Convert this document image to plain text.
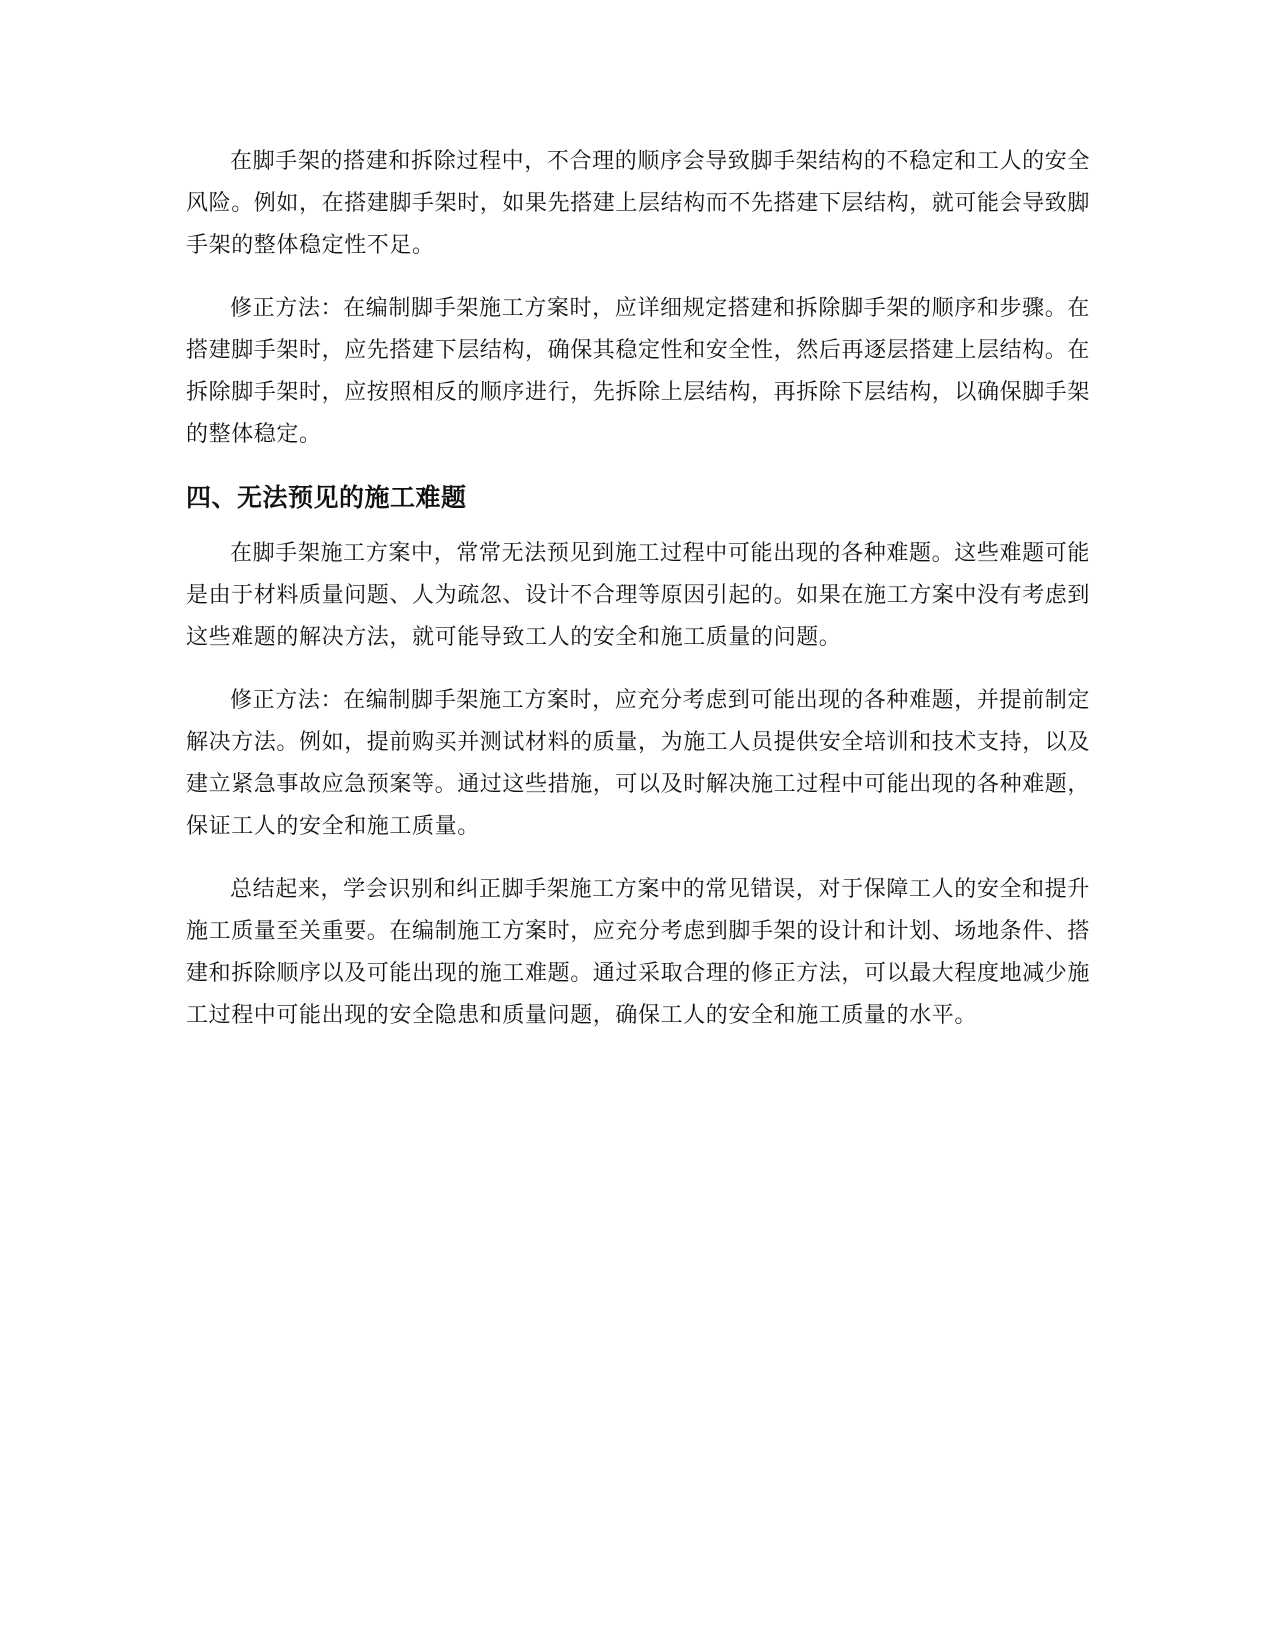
在脚手架的搭建和拆除过程中，不合理的顺序会导致脚手架结构的不稳定和工人的安全风险。例如，在搭建脚手架时，如果先搭建上层结构而不先搭建下层结构，就可能会导致脚手架的整体稳定性不足。

修正方法：在编制脚手架施工方案时，应详细规定搭建和拆除脚手架的顺序和步骤。在搭建脚手架时，应先搭建下层结构，确保其稳定性和安全性，然后再逐层搭建上层结构。在拆除脚手架时，应按照相反的顺序进行，先拆除上层结构，再拆除下层结构，以确保脚手架的整体稳定。

四、无法预见的施工难题

在脚手架施工方案中，常常无法预见到施工过程中可能出现的各种难题。这些难题可能是由于材料质量问题、人为疏忽、设计不合理等原因引起的。如果在施工方案中没有考虑到这些难题的解决方法，就可能导致工人的安全和施工质量的问题。

修正方法：在编制脚手架施工方案时，应充分考虑到可能出现的各种难题，并提前制定解决方法。例如，提前购买并测试材料的质量，为施工人员提供安全培训和技术支持，以及建立紧急事故应急预案等。通过这些措施，可以及时解决施工过程中可能出现的各种难题，保证工人的安全和施工质量。

总结起来，学会识别和纠正脚手架施工方案中的常见错误，对于保障工人的安全和提升施工质量至关重要。在编制施工方案时，应充分考虑到脚手架的设计和计划、场地条件、搭建和拆除顺序以及可能出现的施工难题。通过采取合理的修正方法，可以最大程度地减少施工过程中可能出现的安全隐患和质量问题，确保工人的安全和施工质量的水平。
